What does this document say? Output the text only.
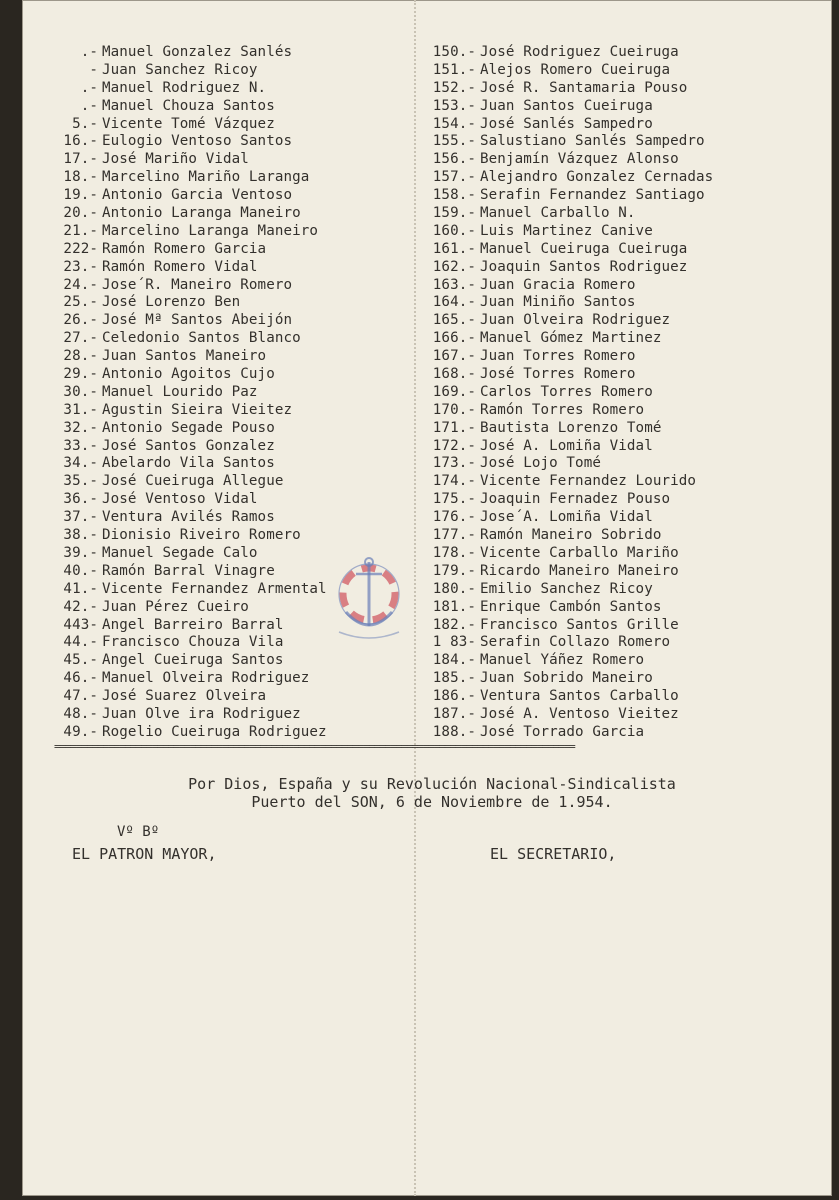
.- Manuel Gonzalez Sanlés
- Juan Sanchez Ricoy
.- Manuel Rodriguez N.
.- Manuel Chouza Santos
5.- Vicente Tomé Vázquez
16.- Eulogio Ventoso Santos
17.- José Mariño Vidal
18.- Marcelino Mariño Laranga
19.- Antonio Garcia Ventoso
20.- Antonio Laranga Maneiro
21.- Marcelino Laranga Maneiro
222- Ramón Romero Garcia
23.- Ramón Romero Vidal
24.- Jose´R. Maneiro Romero
25.- José Lorenzo Ben
26.- José Mª Santos Abeijón
27.- Celedonio Santos Blanco
28.- Juan Santos Maneiro
29.- Antonio Agoitos Cujo
30.- Manuel Lourido Paz
31.- Agustin Sieira Vieitez
32.- Antonio Segade Pouso
33.- José Santos Gonzalez
34.- Abelardo Vila Santos
35.- José Cueiruga Allegue
36.- José Ventoso Vidal
37.- Ventura Avilés Ramos
38.- Dionisio Riveiro Romero
39.- Manuel Segade Calo
40.- Ramón Barral Vinagre
41.- Vicente Fernandez Armental
42.- Juan Pérez Cueiro
443- Angel Barreiro Barral
44.- Francisco Chouza Vila
45.- Angel Cueiruga Santos
46.- Manuel Olveira Rodriguez
47.- José Suarez Olveira
48.- Juan Olve ira Rodriguez
49.- Rogelio Cueiruga Rodriguez
150.- José Rodriguez Cueiruga
151.- Alejos Romero Cueiruga
152.- José R. Santamaria Pouso
153.- Juan Santos Cueiruga
154.- José Sanlés Sampedro
155.- Salustiano Sanlés Sampedro
156.- Benjamín Vázquez Alonso
157.- Alejandro Gonzalez Cernadas
158.- Serafin Fernandez Santiago
159.- Manuel Carballo N.
160.- Luis Martinez Canive
161.- Manuel Cueiruga Cueiruga
162.- Joaquin Santos Rodriguez
163.- Juan Gracia Romero
164.- Juan Miniño Santos
165.- Juan Olveira Rodriguez
166.- Manuel Gómez Martinez
167.- Juan Torres Romero
168.- José Torres Romero
169.- Carlos Torres Romero
170.- Ramón Torres Romero
171.- Bautista Lorenzo Tomé
172.- José A. Lomiña Vidal
173.- José Lojo Tomé
174.- Vicente Fernandez Lourido
175.- Joaquin Fernadez Pouso
176.- Jose´A. Lomiña Vidal
177.- Ramón Maneiro Sobrido
178.- Vicente Carballo Mariño
179.- Ricardo Maneiro Maneiro
180.- Emilio Sanchez Ricoy
181.- Enrique Cambón Santos
182.- Francisco Santos Grille
1 83- Serafin Collazo Romero
184.- Manuel Yáñez Romero
185.- Juan Sobrido Maneiro
186.- Ventura Santos Carballo
187.- José A. Ventoso Vieitez
188.- José Torrado Garcia
================================================================================================
Por Dios, España y su Revolución Nacional-Sindicalista
Puerto del SON, 6 de Noviembre de 1.954.
Vº Bº
EL PATRON MAYOR,	EL SECRETARIO,
